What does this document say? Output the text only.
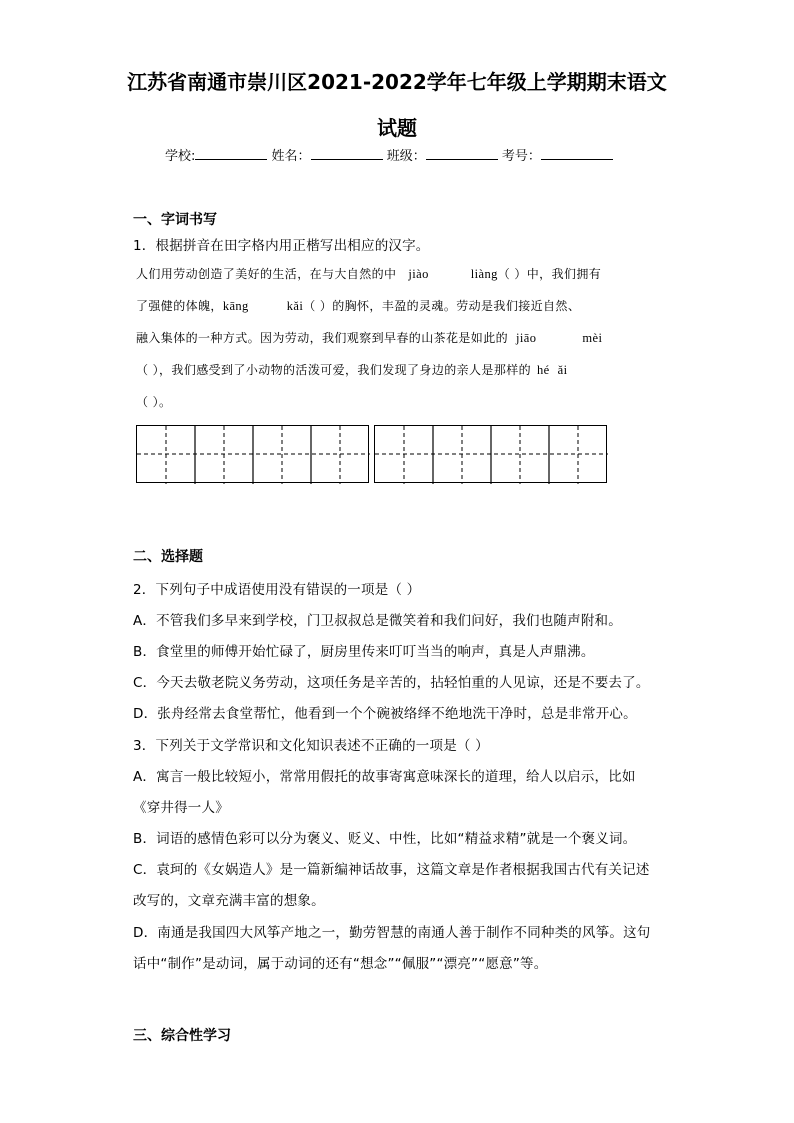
江苏省南通市崇川区2021-2022学年七年级上学期期末语文
试题
学校:	姓名：	班级：	考号：
一、字词书写
1．根据拼音在田字格内用正楷写出相应的汉字。
人们用劳动创造了美好的生活，在与大自然的中 jiào	liàng（ ）中，我们拥有
了强健的体魄，kāng	kǎi（ ）的胸怀，丰盈的灵魂。劳动是我们接近自然、
融入集体的一种方式。因为劳动，我们观察到早春的山茶花是如此的 jiāo	mèi
（ ），我们感受到了小动物的活泼可爱，我们发现了身边的亲人是那样的 hé ǎi
（ ）。
二、选择题
2．下列句子中成语使用没有错误的一项是（ ）
A．不管我们多早来到学校，门卫叔叔总是微笑着和我们问好，我们也随声附和。
B．食堂里的师傅开始忙碌了，厨房里传来叮叮当当的响声，真是人声鼎沸。
C．今天去敬老院义务劳动，这项任务是辛苦的，拈轻怕重的人见谅，还是不要去了。
D．张舟经常去食堂帮忙，他看到一个个碗被络绎不绝地洗干净时，总是非常开心。
3．下列关于文学常识和文化知识表述不正确的一项是（ ）
A．寓言一般比较短小，常常用假托的故事寄寓意味深长的道理，给人以启示，比如
《穿井得一人》
B．词语的感情色彩可以分为褒义、贬义、中性，比如“精益求精”就是一个褒义词。
C．袁珂的《女娲造人》是一篇新编神话故事，这篇文章是作者根据我国古代有关记述
改写的，文章充满丰富的想象。
D．南通是我国四大风筝产地之一，勤劳智慧的南通人善于制作不同种类的风筝。这句
话中“制作”是动词，属于动词的还有“想念”“佩服”“漂亮”“愿意”等。
三、综合性学习
